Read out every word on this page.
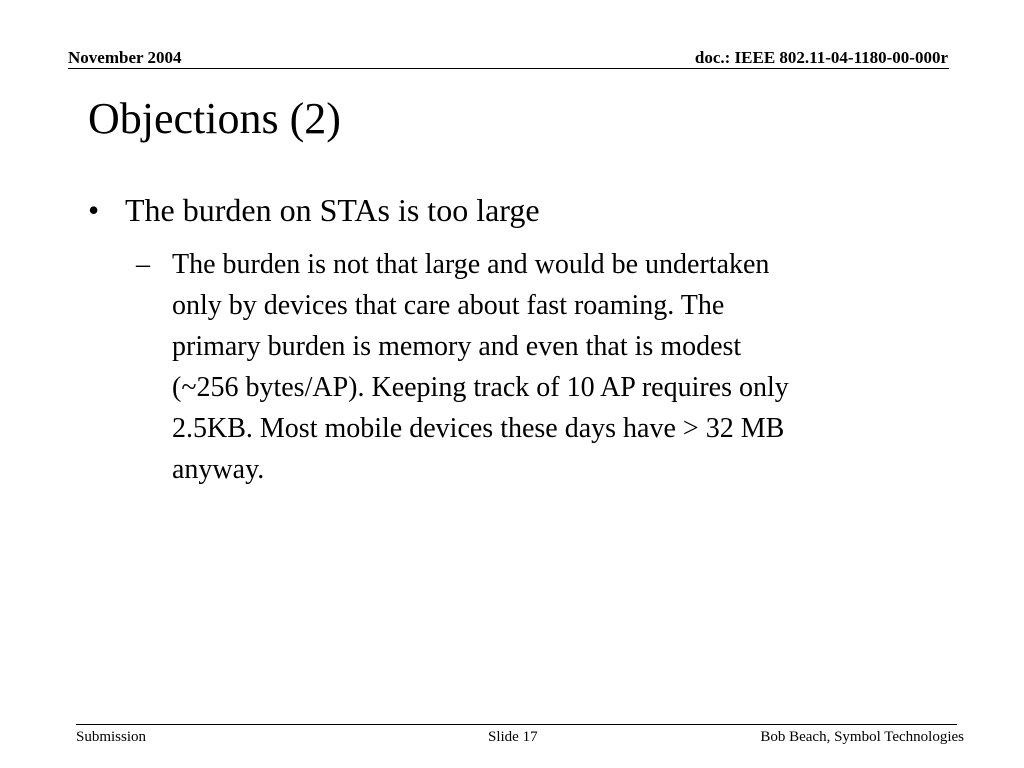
November 2004	doc.: IEEE 802.11-04-1180-00-000r
Objections (2)
• The burden on STAs is too large
– The burden is not that large and would be undertaken
only by devices that care about fast roaming. The
primary burden is memory and even that is modest
(~256 bytes/AP). Keeping track of 10 AP requires only
2.5KB. Most mobile devices these days have > 32 MB
anyway.
Submission	Slide 17	Bob Beach, Symbol Technologies
